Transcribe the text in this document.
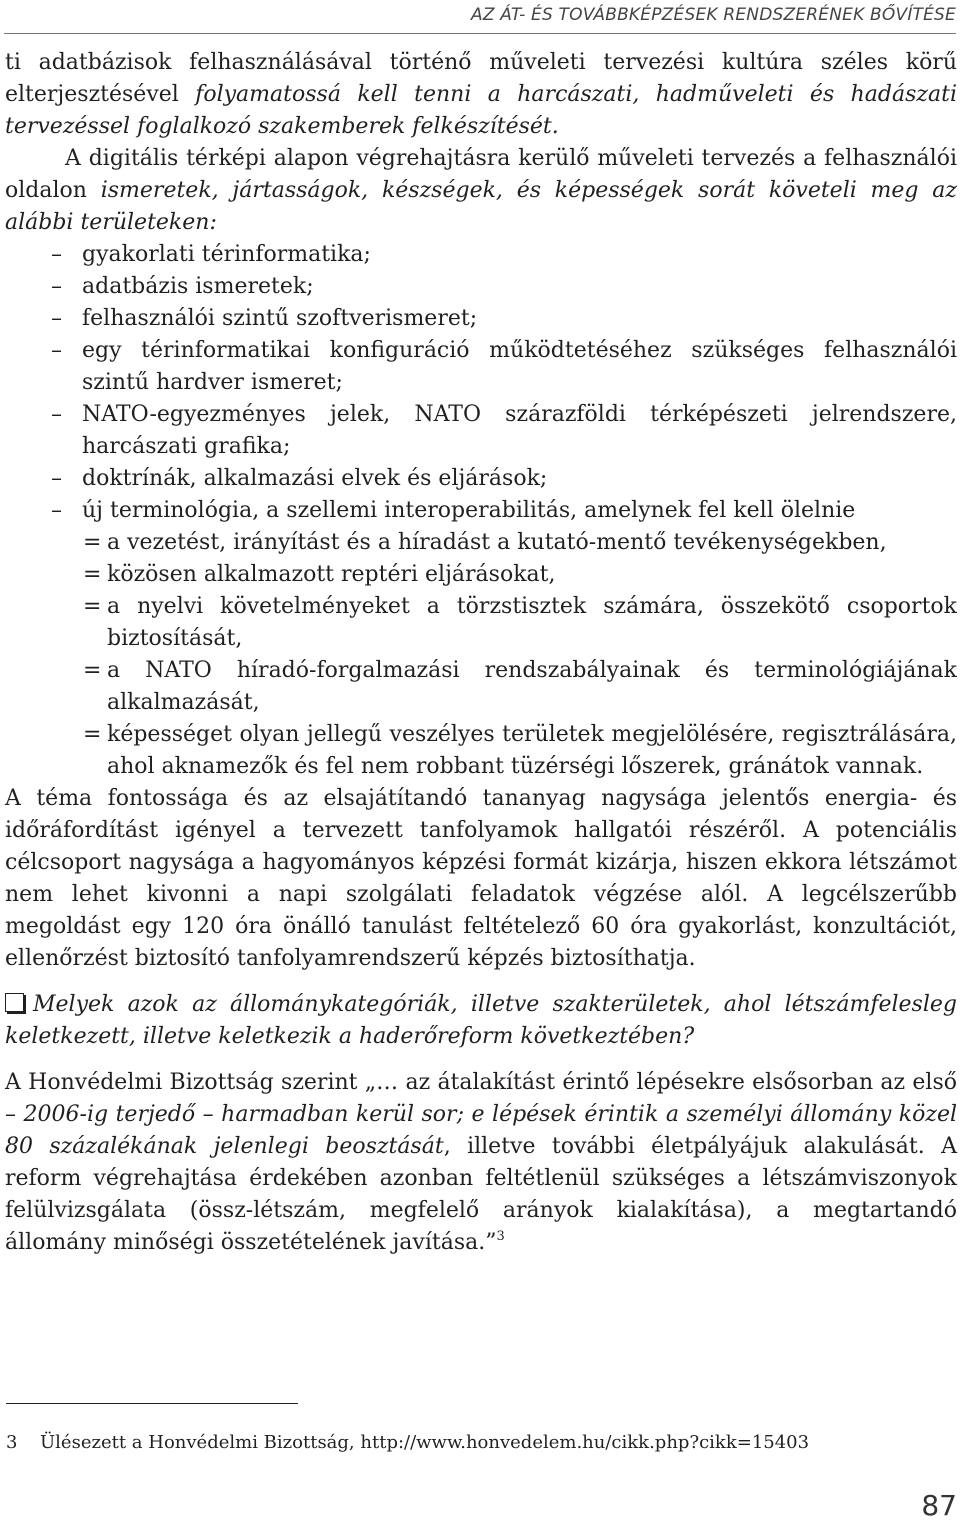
AZ ÁT- ÉS TOVÁBBKÉPZÉSEK RENDSZERÉNEK BŐVÍTÉSE

ti adatbázisok felhasználásával történő műveleti tervezési kultúra széles körű elterjesztésével folyamatossá kell tenni a harcászati, hadműveleti és hadászati tervezéssel foglalkozó szakemberek felkészítését.

A digitális térképi alapon végrehajtásra kerülő műveleti tervezés a felhasználói oldalon ismeretek, jártasságok, készségek, és képességek sorát követeli meg az alábbi területeken:

– gyakorlati térinformatika;
– adatbázis ismeretek;
– felhasználói szintű szoftverismeret;
– egy térinformatikai konfiguráció működtetéséhez szükséges felhasználói szintű hardver ismeret;
– NATO-egyezményes jelek, NATO szárazföldi térképészeti jelrendszere, harcászati grafika;
– doktrínák, alkalmazási elvek és eljárások;
– új terminológia, a szellemi interoperabilitás, amelynek fel kell ölelnie
= a vezetést, irányítást és a híradást a kutató-mentő tevékenységekben,
= közösen alkalmazott reptéri eljárásokat,
= a nyelvi követelményeket a törzstisztek számára, összekötő csoportok biztosítását,
= a NATO híradó-forgalmazási rendszabályainak és terminológiájának alkalmazását,
= képességet olyan jellegű veszélyes területek megjelölésére, regisztrálására, ahol aknamezők és fel nem robbant tüzérségi lőszerek, gránátok vannak.

A téma fontossága és az elsajátítandó tananyag nagysága jelentős energia- és időráfordítást igényel a tervezett tanfolyamok hallgatói részéről. A potenciális célcsoport nagysága a hagyományos képzési formát kizárja, hiszen ekkora létszámot nem lehet kivonni a napi szolgálati feladatok végzése alól. A legcélszerűbb megoldást egy 120 óra önálló tanulást feltételező 60 óra gyakorlást, konzultációt, ellenőrzést biztosító tanfolyamrendszerű képzés biztosíthatja.

Melyek azok az állománykategóriák, illetve szakterületek, ahol létszámfelesleg keletkezett, illetve keletkezik a haderőreform következtében?

A Honvédelmi Bizottság szerint „… az átalakítást érintő lépésekre elsősorban az első – 2006-ig terjedő – harmadban kerül sor; e lépések érintik a személyi állomány közel 80 százalékának jelenlegi beosztását, illetve további életpályájuk alakulását. A reform végrehajtása érdekében azonban feltétlenül szükséges a létszámviszonyok felülvizsgálata (össz-létszám, megfelelő arányok kialakítása), a megtartandó állomány minőségi összetételének javítása.”$^3$

3 Ülésezett a Honvédelmi Bizottság, http://www.honvedelem.hu/cikk.php?cikk=15403
87
